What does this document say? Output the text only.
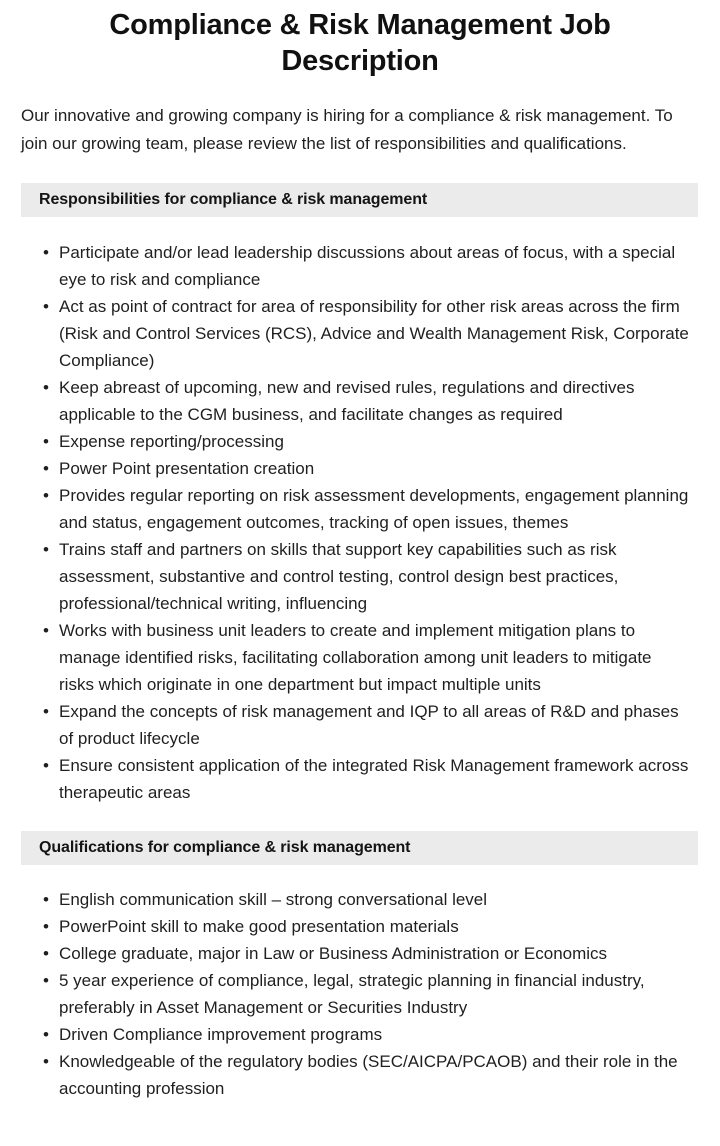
Compliance & Risk Management Job Description

Our innovative and growing company is hiring for a compliance & risk management. To join our growing team, please review the list of responsibilities and qualifications.

Responsibilities for compliance & risk management
• Participate and/or lead leadership discussions about areas of focus, with a special eye to risk and compliance
• Act as point of contract for area of responsibility for other risk areas across the firm (Risk and Control Services (RCS), Advice and Wealth Management Risk, Corporate Compliance)
• Keep abreast of upcoming, new and revised rules, regulations and directives applicable to the CGM business, and facilitate changes as required
• Expense reporting/processing
• Power Point presentation creation
• Provides regular reporting on risk assessment developments, engagement planning and status, engagement outcomes, tracking of open issues, themes
• Trains staff and partners on skills that support key capabilities such as risk assessment, substantive and control testing, control design best practices, professional/technical writing, influencing
• Works with business unit leaders to create and implement mitigation plans to manage identified risks, facilitating collaboration among unit leaders to mitigate risks which originate in one department but impact multiple units
• Expand the concepts of risk management and IQP to all areas of R&D and phases of product lifecycle
• Ensure consistent application of the integrated Risk Management framework across therapeutic areas
Qualifications for compliance & risk management
• English communication skill – strong conversational level
• PowerPoint skill to make good presentation materials
• College graduate, major in Law or Business Administration or Economics
• 5 year experience of compliance, legal, strategic planning in financial industry, preferably in Asset Management or Securities Industry
• Driven Compliance improvement programs
• Knowledgeable of the regulatory bodies (SEC/AICPA/PCAOB) and their role in the accounting profession
